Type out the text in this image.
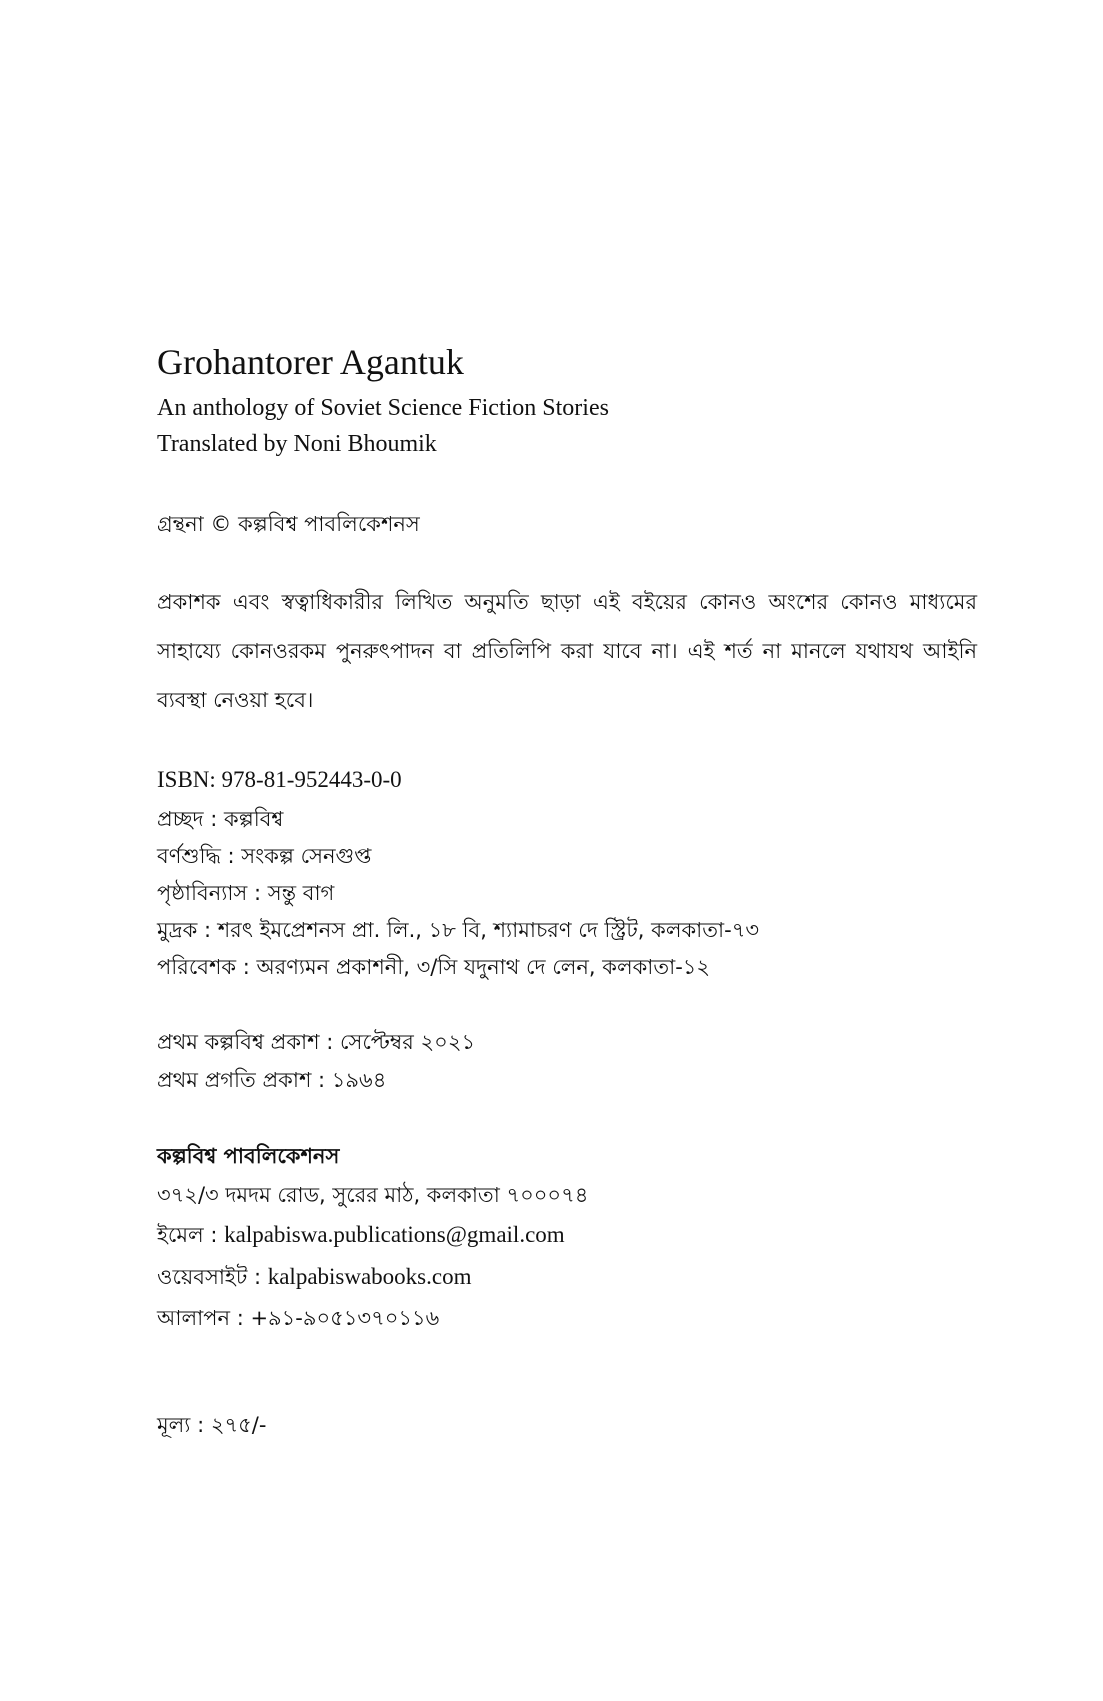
Grohantorer Agantuk

An anthology of Soviet Science Fiction Stories

Translated by Noni Bhoumik

গ্রন্থনা © কল্পবিশ্ব পাবলিকেশনস
প্রকাশক এবং স্বত্বাধিকারীর লিখিত অনুমতি ছাড়া এই বইয়ের কোনও অংশের কোনও মাধ্যমের সাহায্যে কোনওরকম পুনরুৎপাদন বা প্রতিলিপি করা যাবে না। এই শর্ত না মানলে যথাযথ আইনি ব্যবস্থা নেওয়া হবে।
ISBN: 978-81-952443-0-0
প্রচ্ছদ : কল্পবিশ্ব
বর্ণশুদ্ধি : সংকল্প সেনগুপ্ত
পৃষ্ঠাবিন্যাস : সন্তু বাগ
মুদ্রক : শরৎ ইমপ্রেশনস প্রা. লি., ১৮ বি, শ্যামাচরণ দে স্ট্রিট, কলকাতা-৭৩
পরিবেশক : অরণ্যমন প্রকাশনী, ৩/সি যদুনাথ দে লেন, কলকাতা-১২
প্রথম কল্পবিশ্ব প্রকাশ : সেপ্টেম্বর ২০২১
প্রথম প্রগতি প্রকাশ : ১৯৬৪
কল্পবিশ্ব পাবলিকেশনস
৩৭২/৩ দমদম রোড, সুরের মাঠ, কলকাতা ৭০০০৭৪
ইমেল : kalpabiswa.publications@gmail.com
ওয়েবসাইট : kalpabiswabooks.com
আলাপন : +৯১-৯০৫১৩৭০১১৬
মূল্য : ২৭৫/-
